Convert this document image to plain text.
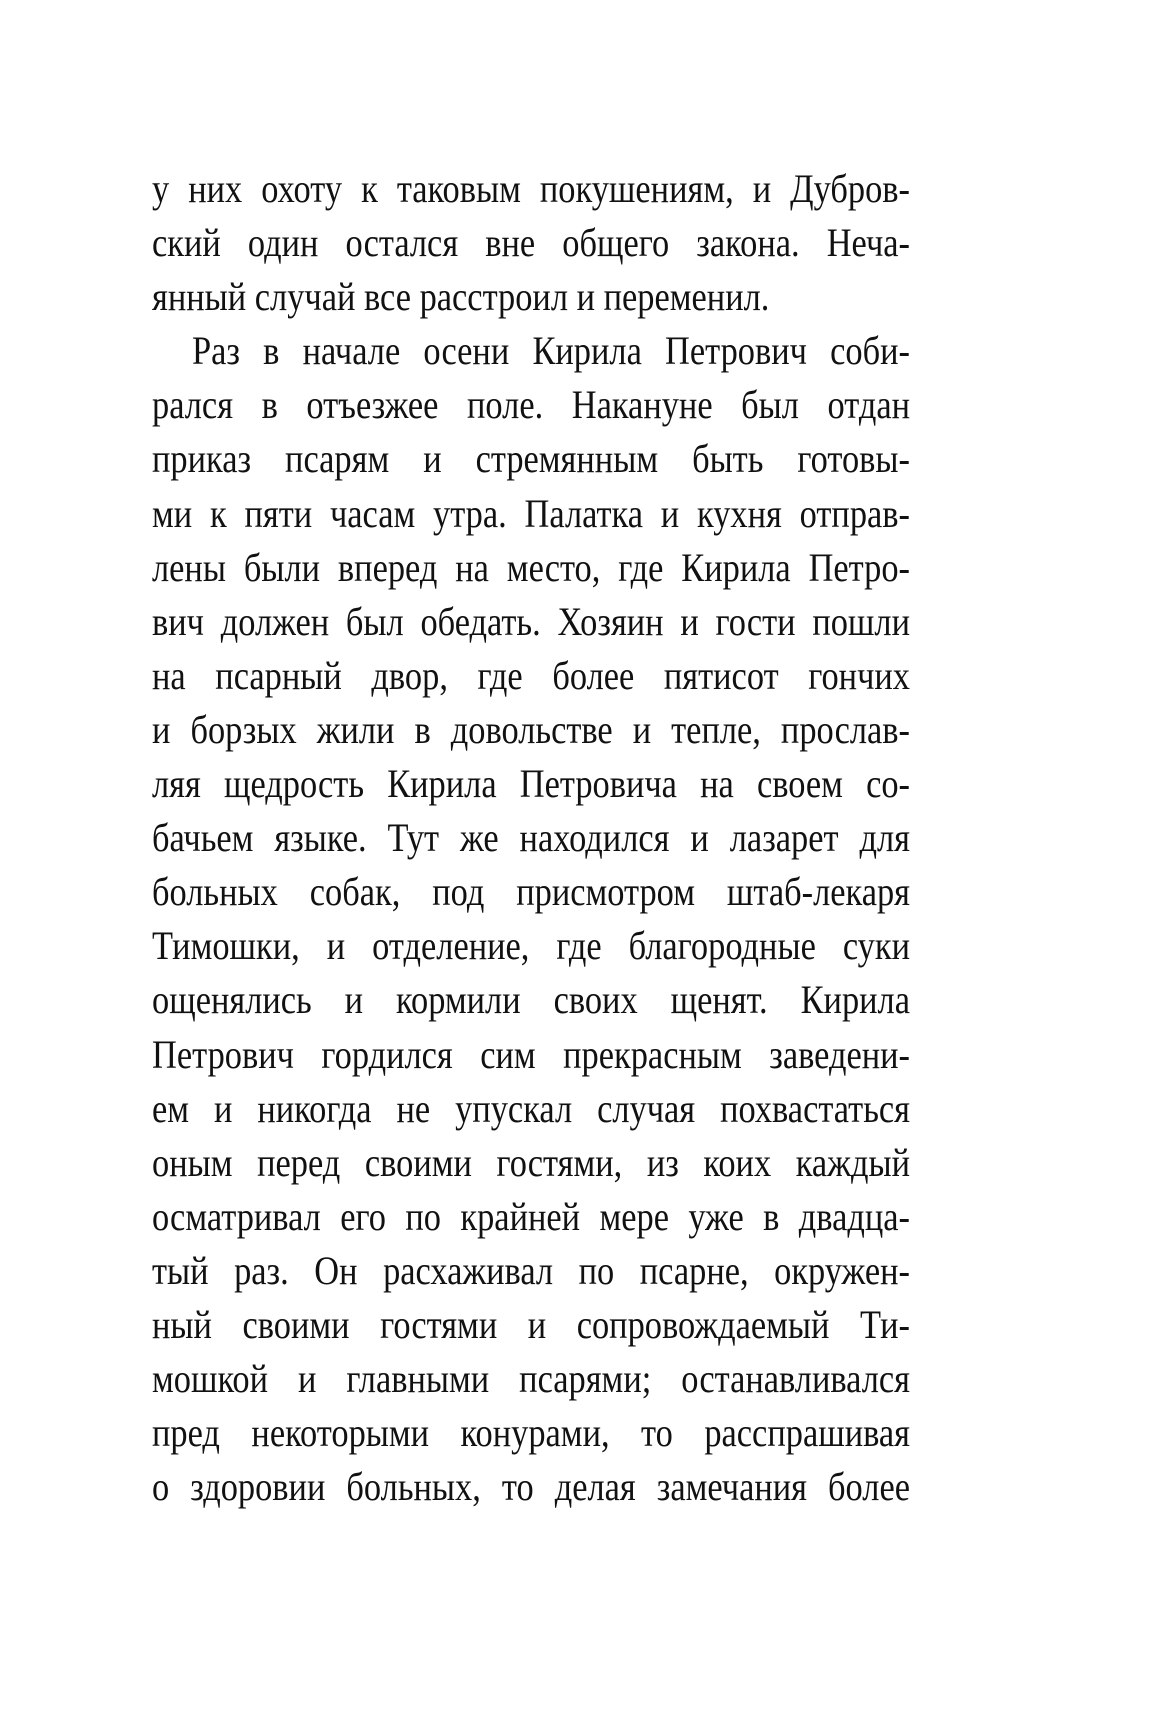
у них охоту к таковым покушениям, и Дубров-
ский один остался вне общего закона. Неча-
янный случай все расстроил и переменил.
Раз в начале осени Кирила Петрович соби-
рался в отъезжее поле. Накануне был отдан
приказ псарям и стремянным быть готовы-
ми к пяти часам утра. Палатка и кухня отправ-
лены были вперед на место, где Кирила Петро-
вич должен был обедать. Хозяин и гости пошли
на псарный двор, где более пятисот гончих
и борзых жили в довольстве и тепле, прослав-
ляя щедрость Кирила Петровича на своем со-
бачьем языке. Тут же находился и лазарет для
больных собак, под присмотром штаб-лекаря
Тимошки, и отделение, где благородные суки
ощенялись и кормили своих щенят. Кирила
Петрович гордился сим прекрасным заведени-
ем и никогда не упускал случая похвастаться
оным перед своими гостями, из коих каждый
осматривал его по крайней мере уже в двадца-
тый раз. Он расхаживал по псарне, окружен-
ный своими гостями и сопровождаемый Ти-
мошкой и главными псарями; останавливался
пред некоторыми конурами, то расспрашивая
о здоровии больных, то делая замечания более
